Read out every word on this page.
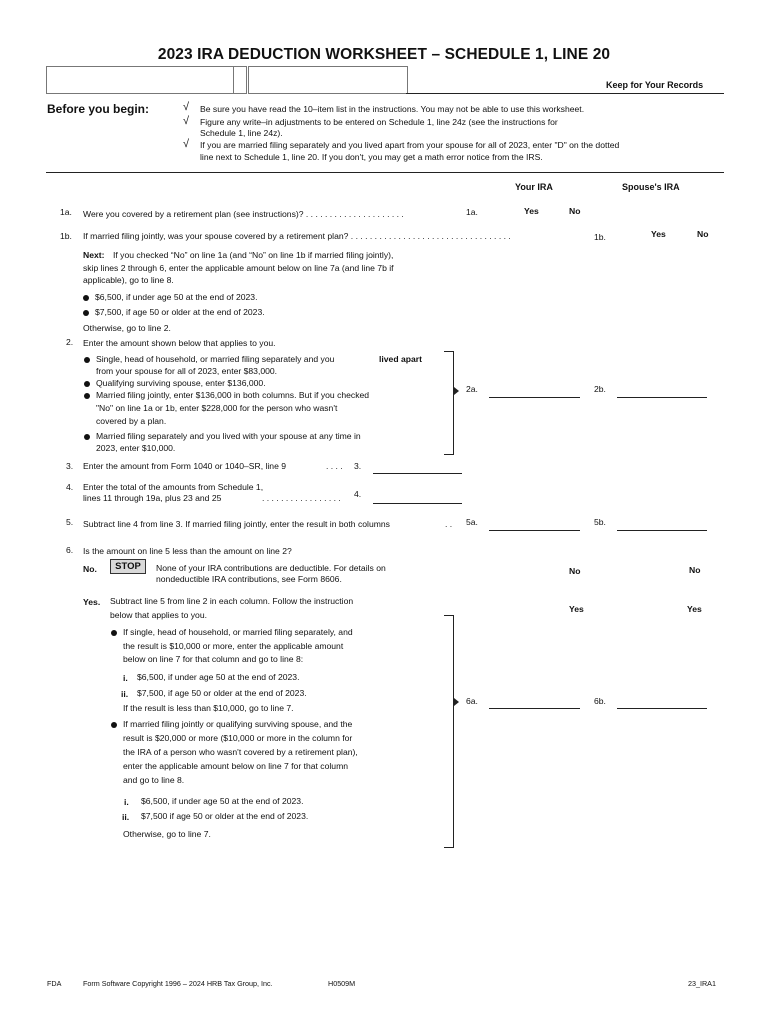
2023 IRA DEDUCTION WORKSHEET – SCHEDULE 1, LINE 20
Keep for Your Records
Before you begin:	√ Be sure you have read the 10–item list in the instructions. You may not be able to use this worksheet.
√ Figure any write–in adjustments to be entered on Schedule 1, line 24z (see the instructions for
Schedule 1, line 24z).
√ If you are married filing separately and you lived apart from your spouse for all of 2023, enter "D" on the dotted
line next to Schedule 1, line 20. If you don't, you may get a math error notice from the IRS.
Your IRA	Spouse's IRA
1a. Were you covered by a retirement plan (see instructions)? . . . . . . . . . . . . . . . . . . . . .	1a.	Yes	No
1b. If married filing jointly, was your spouse covered by a retirement plan? . . . . . . . . . . . . . . . . . . . . . . . . . . . . . . . . . .	1b.	Yes	No
Next: If you checked “No” on line 1a (and “No” on line 1b if married filing jointly),
skip lines 2 through 6, enter the applicable amount below on line 7a (and line 7b if
applicable), go to line 8.
$6,500, if under age 50 at the end of 2023.
$7,500, if age 50 or older at the end of 2023.
Otherwise, go to line 2.
2. Enter the amount shown below that applies to you.
Single, head of household, or married filing separately and you	lived apart
from your spouse for all of 2023, enter $83,000.
Qualifying surviving spouse, enter $136,000.
Married filing jointly, enter $136,000 in both columns. But if you checked
"No" on line 1a or 1b, enter $228,000 for the person who wasn't
covered by a plan.
Married filing separately and you lived with your spouse at any time in
2023, enter $10,000.
2a.	2b.
3. Enter the amount from Form 1040 or 1040–SR, line 9	. . . . 3.
4. Enter the total of the amounts from Schedule 1,
lines 11 through 19a, plus 23 and 25	. . . . . . . . . . . . . . . . . 4.
5. Subtract line 4 from line 3. If married filing jointly, enter the result in both columns	. . 5a.	5b.
6. Is the amount on line 5 less than the amount on line 2?
No.	STOP	None of your IRA contributions are deductible. For details on
nondeductible IRA contributions, see Form 8606.
No	No
Yes. Subtract line 5 from line 2 in each column. Follow the instruction
below that applies to you.
Yes	Yes
If single, head of household, or married filing separately, and
the result is $10,000 or more, enter the applicable amount
below on line 7 for that column and go to line 8:
i. $6,500, if under age 50 at the end of 2023.
ii. $7,500, if age 50 or older at the end of 2023.
If the result is less than $10,000, go to line 7.
If married filing jointly or qualifying surviving spouse, and the
result is $20,000 or more ($10,000 or more in the column for
the IRA of a person who wasn't covered by a retirement plan),
enter the applicable amount below on line 7 for that column
and go to line 8.
i. $6,500, if under age 50 at the end of 2023.
ii. $7,500 if age 50 or older at the end of 2023.
Otherwise, go to line 7.
6a.	6b.
FDA	Form Software Copyright 1996 – 2024 HRB Tax Group, Inc.	H0509M	23_IRA1
